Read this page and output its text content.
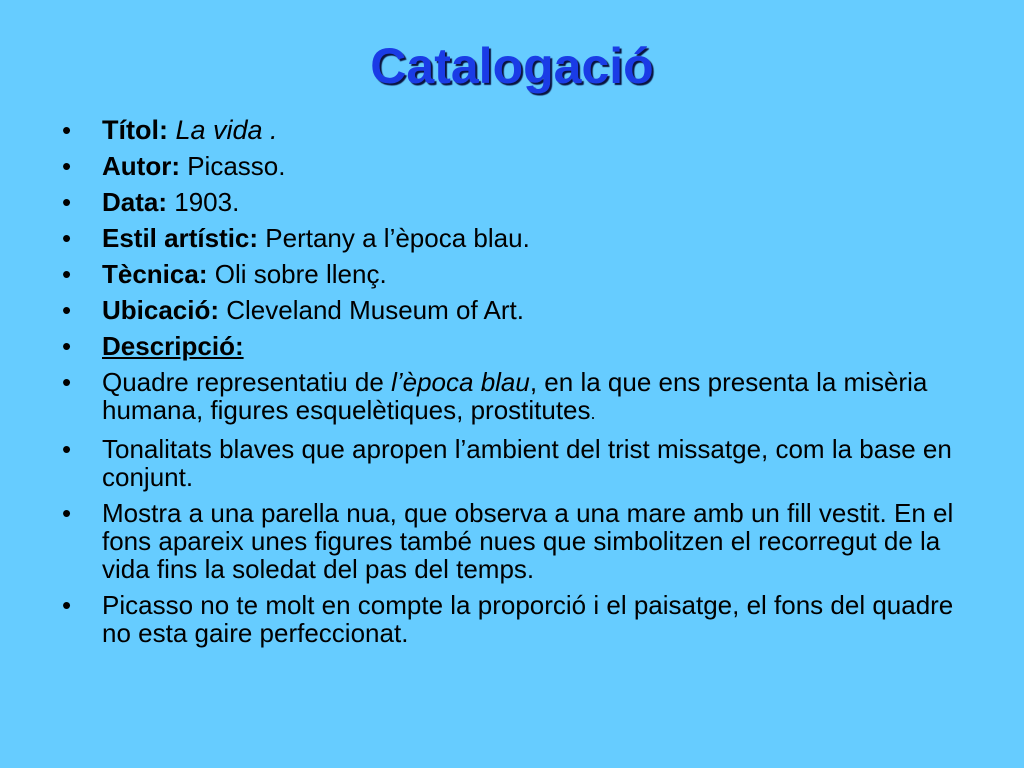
Catalogació
•	Títol: La vida .
•	Autor: Picasso.
•	Data: 1903.
•	Estil artístic: Pertany a l’època blau.
•	Tècnica: Oli sobre llenç.
•	Ubicació: Cleveland Museum of Art.
•	Descripció:
•	Quadre representatiu de l’època blau, en la que ens presenta la misèria humana, figures esquelètiques, prostitutes.
•	Tonalitats blaves que apropen l’ambient del trist missatge, com la base en conjunt.
•	Mostra a una parella nua, que observa a una mare amb un fill vestit. En el fons apareix unes figures també nues que simbolitzen el recorregut de la vida fins la soledat del pas del temps.
•	Picasso no te molt en compte la proporció i el paisatge, el fons del quadre no esta gaire perfeccionat.
